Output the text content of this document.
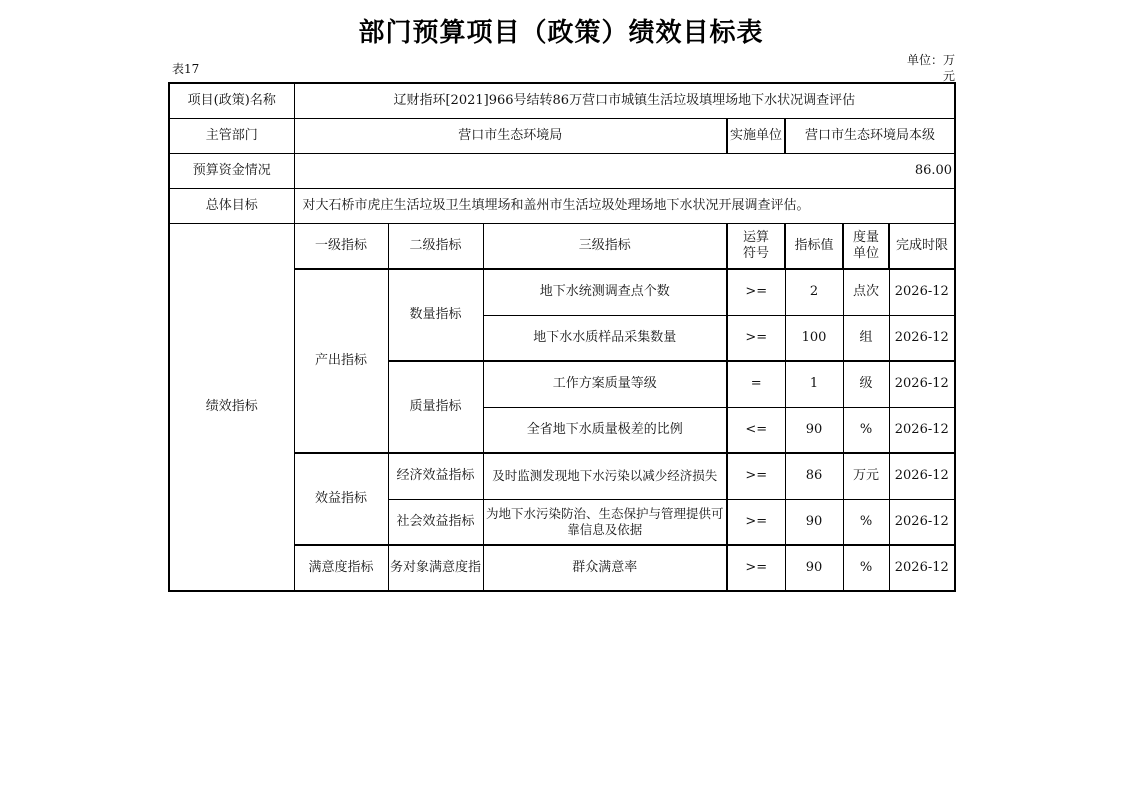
部门预算项目（政策）绩效目标表
表17
单位：万
元
项目(政策)名称	辽财指环[2021]966号结转86万营口市城镇生活垃圾填埋场地下水状况调查评估						
主管部门	营口市生态环境局			实施单位	营口市生态环境局本级		
预算资金情况	86.00						
总体目标	对大石桥市虎庄生活垃圾卫生填埋场和盖州市生活垃圾处理场地下水状况开展调查评估。						
绩效指标	一级指标	二级指标	三级指标	运算符号	指标值	度量单位	完成时限
	产出指标	数量指标	地下水统测调查点个数	>=	2	点次	2026-12
			地下水水质样品采集数量	>=	100	组	2026-12
		质量指标	工作方案质量等级	=	1	级	2026-12
			全省地下水质量极差的比例	<=	90	%	2026-12
	效益指标	经济效益指标	及时监测发现地下水污染以减少经济损失	>=	86	万元	2026-12
		社会效益指标	为地下水污染防治、生态保护与管理提供可靠信息及依据	>=	90	%	2026-12
	满意度指标	务对象满意度指	群众满意率	>=	90	%	2026-12
